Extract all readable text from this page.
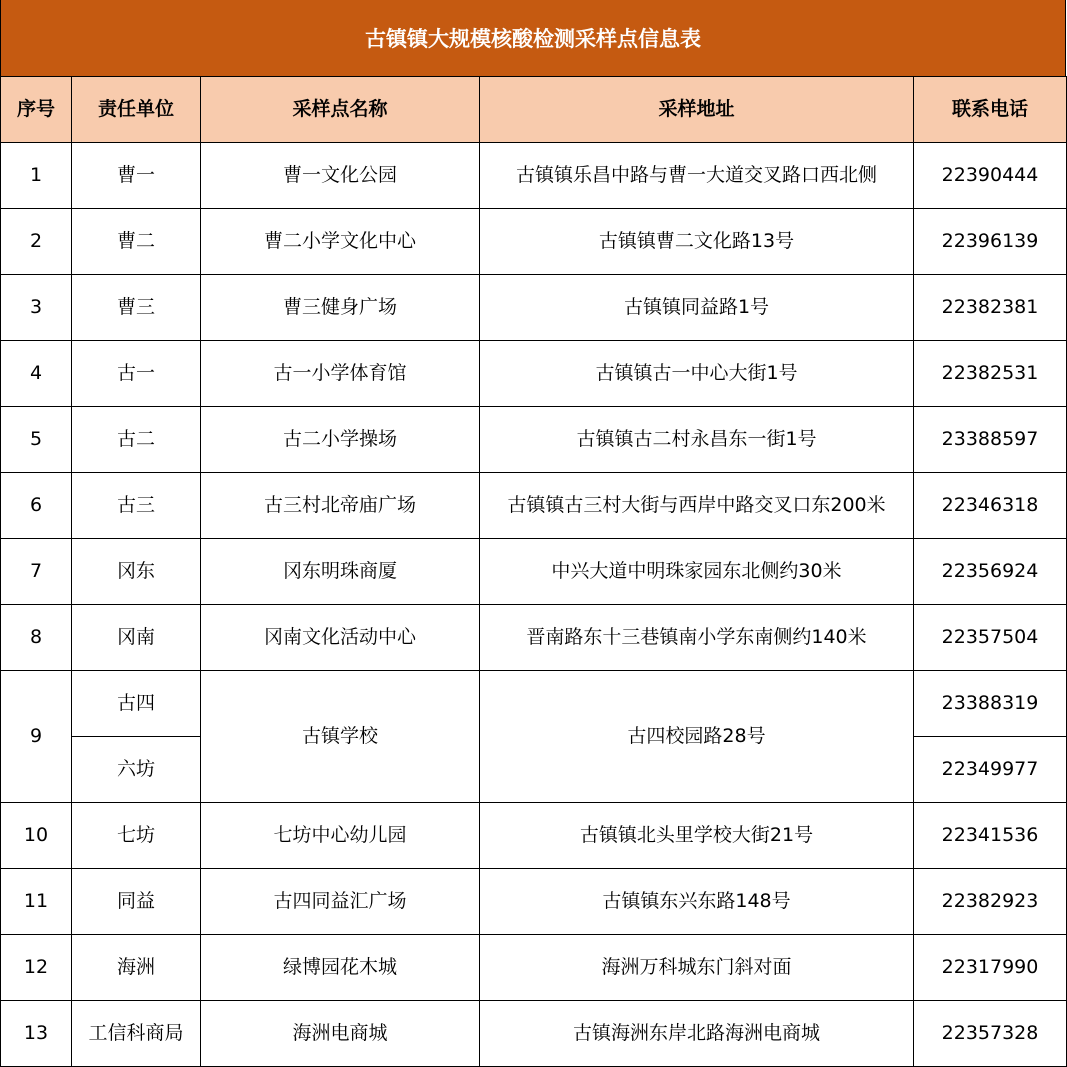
古镇镇大规模核酸检测采样点信息表
序号	责任单位	采样点名称	采样地址	联系电话
1	曹一	曹一文化公园	古镇镇乐昌中路与曹一大道交叉路口西北侧	22390444
2	曹二	曹二小学文化中心	古镇镇曹二文化路13号	22396139
3	曹三	曹三健身广场	古镇镇同益路1号	22382381
4	古一	古一小学体育馆	古镇镇古一中心大街1号	22382531
5	古二	古二小学操场	古镇镇古二村永昌东一街1号	23388597
6	古三	古三村北帝庙广场	古镇镇古三村大街与西岸中路交叉口东200米	22346318
7	冈东	冈东明珠商厦	中兴大道中明珠家园东北侧约30米	22356924
8	冈南	冈南文化活动中心	晋南路东十三巷镇南小学东南侧约140米	22357504
9	古四	古镇学校	古四校园路28号	23388319
	六坊			22349977
10	七坊	七坊中心幼儿园	古镇镇北头里学校大街21号	22341536
11	同益	古四同益汇广场	古镇镇东兴东路148号	22382923
12	海洲	绿博园花木城	海洲万科城东门斜对面	22317990
13	工信科商局	海洲电商城	古镇海洲东岸北路海洲电商城	22357328
